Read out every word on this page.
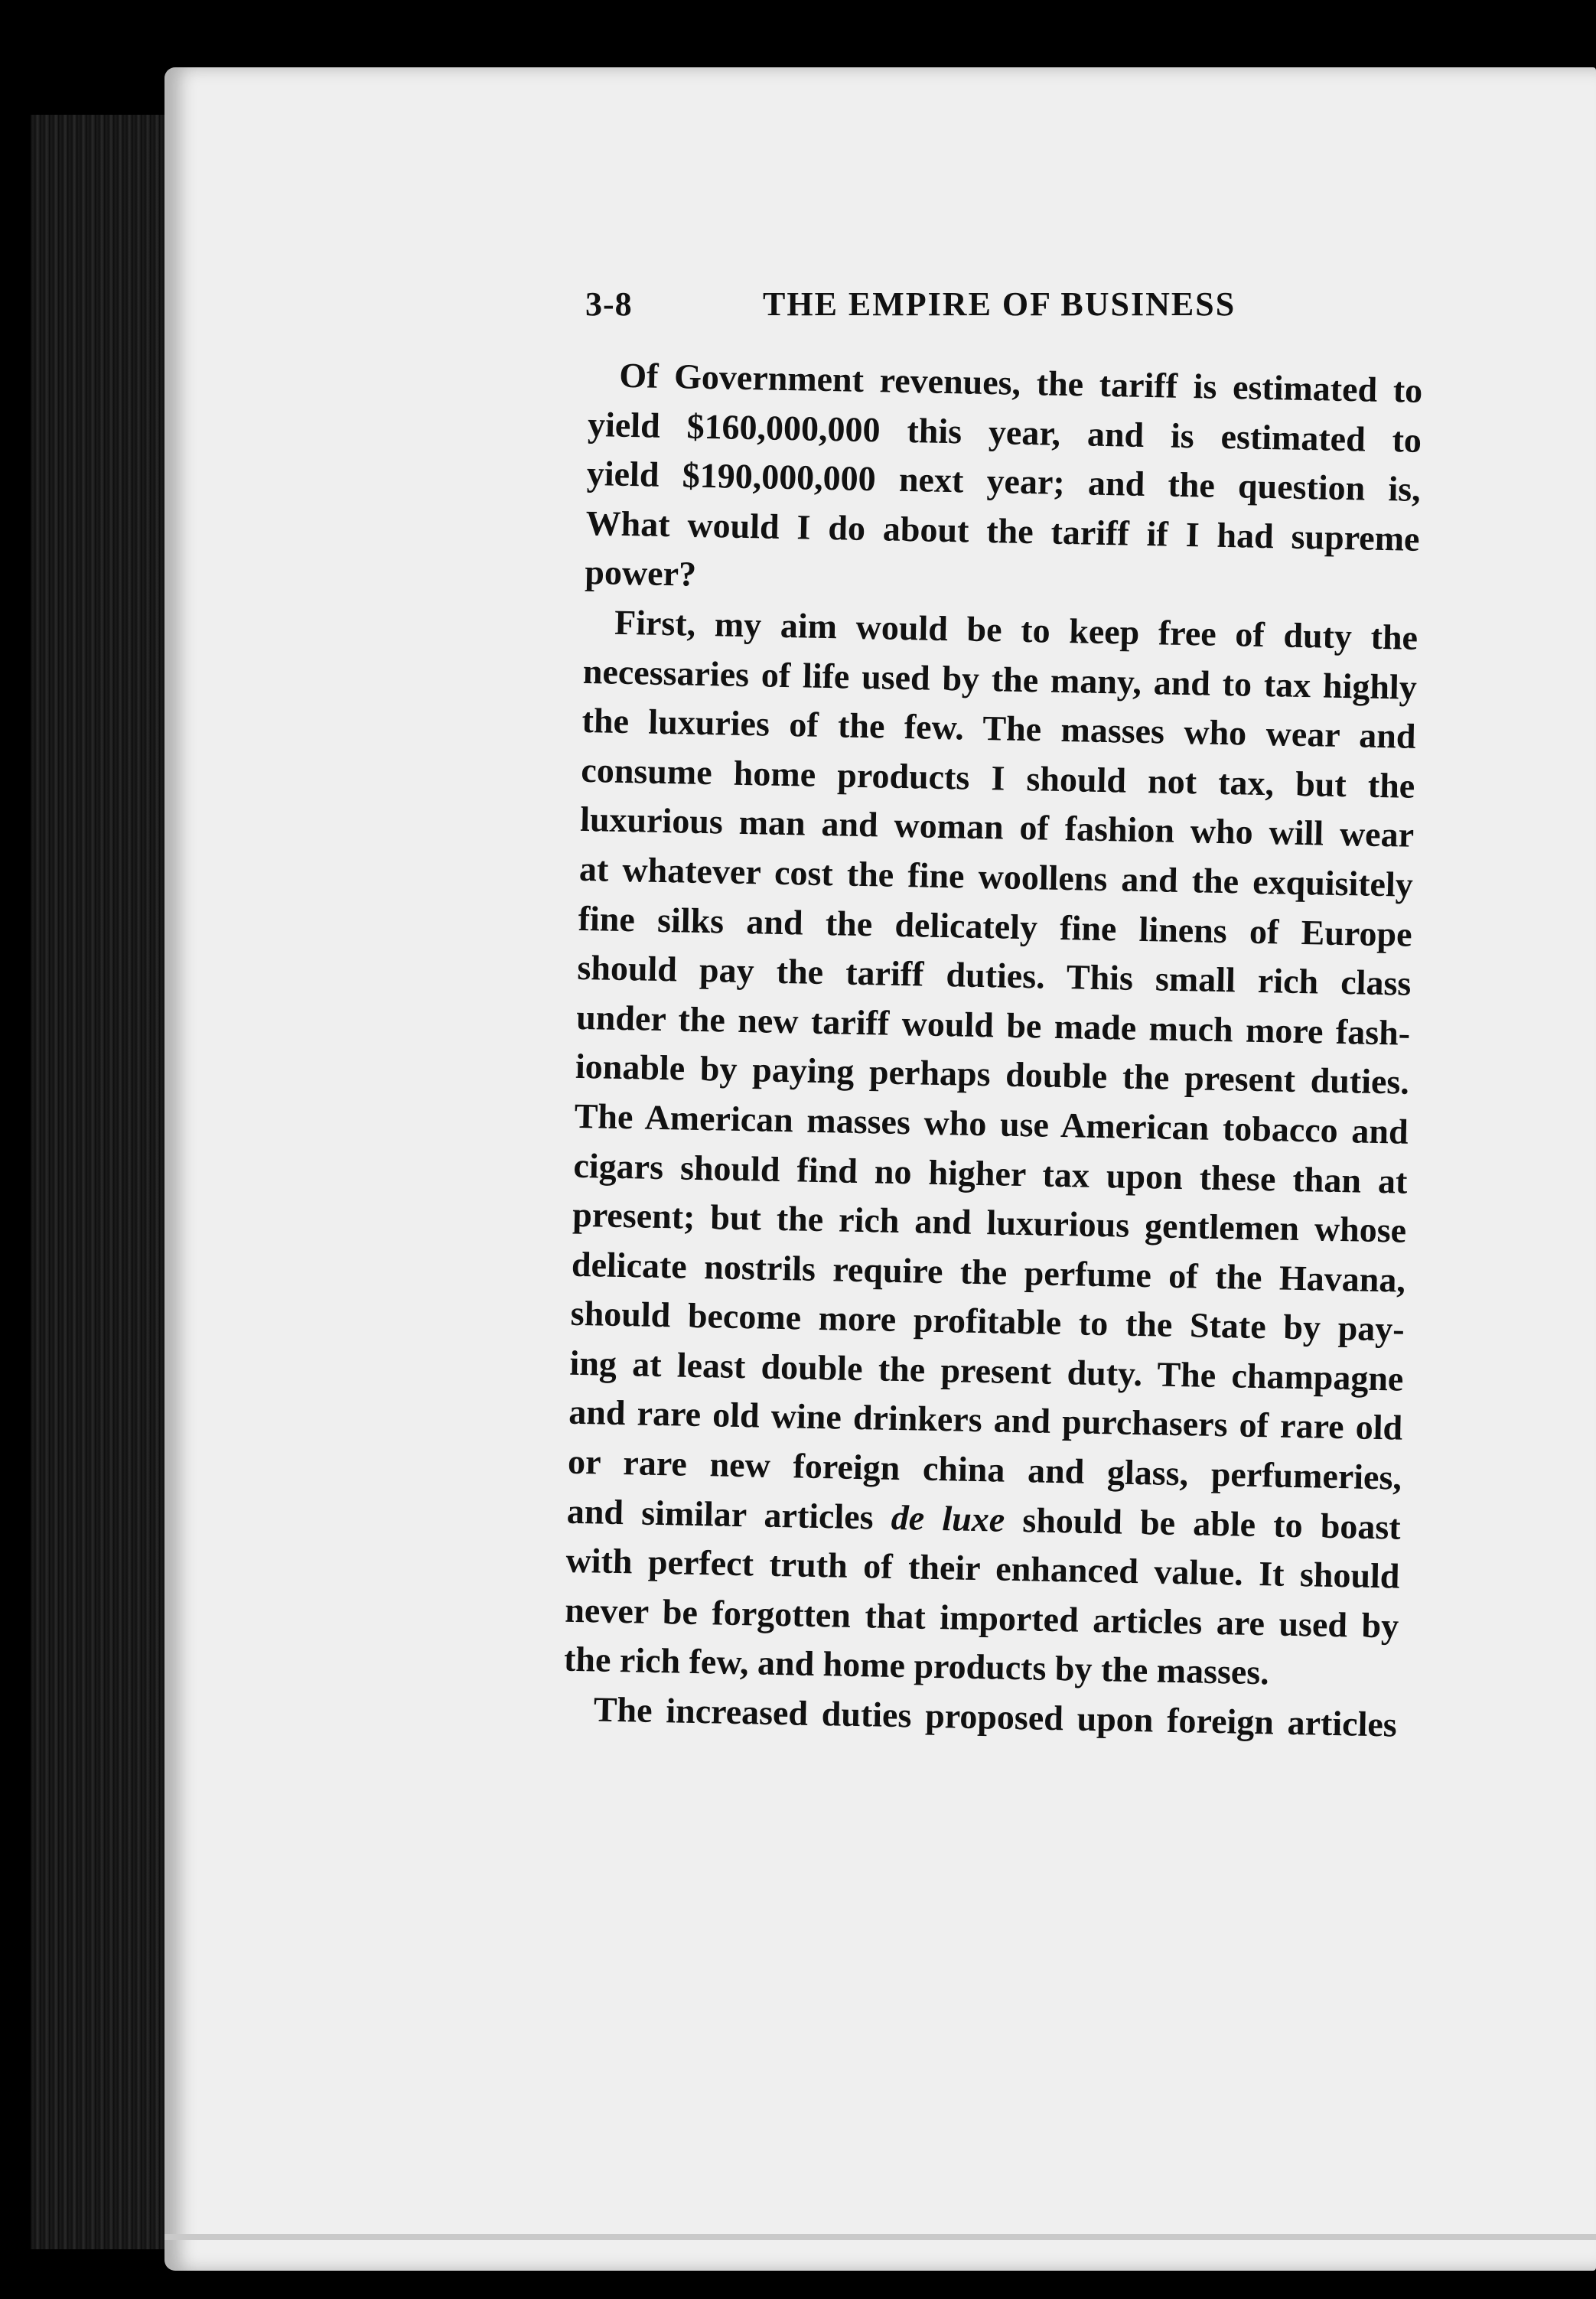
3-8	THE EMPIRE OF BUSINESS
Of Government revenues, the tariff is estimated to
yield $160,000,000 this year, and is estimated to
yield $190,000,000 next year; and the question is,
What would I do about the tariff if I had supreme
power?
First, my aim would be to keep free of duty the
necessaries of life used by the many, and to tax highly
the luxuries of the few. The masses who wear and
consume home products I should not tax, but the
luxurious man and woman of fashion who will wear
at whatever cost the fine woollens and the exquisitely
fine silks and the delicately fine linens of Europe
should pay the tariff duties. This small rich class
under the new tariff would be made much more fash-
ionable by paying perhaps double the present duties.
The American masses who use American tobacco and
cigars should find no higher tax upon these than at
present; but the rich and luxurious gentlemen whose
delicate nostrils require the perfume of the Havana,
should become more profitable to the State by pay-
ing at least double the present duty. The champagne
and rare old wine drinkers and purchasers of rare old
or rare new foreign china and glass, perfumeries,
and similar articles de luxe should be able to boast
with perfect truth of their enhanced value. It should
never be forgotten that imported articles are used by
the rich few, and home products by the masses.
The increased duties proposed upon foreign articles
